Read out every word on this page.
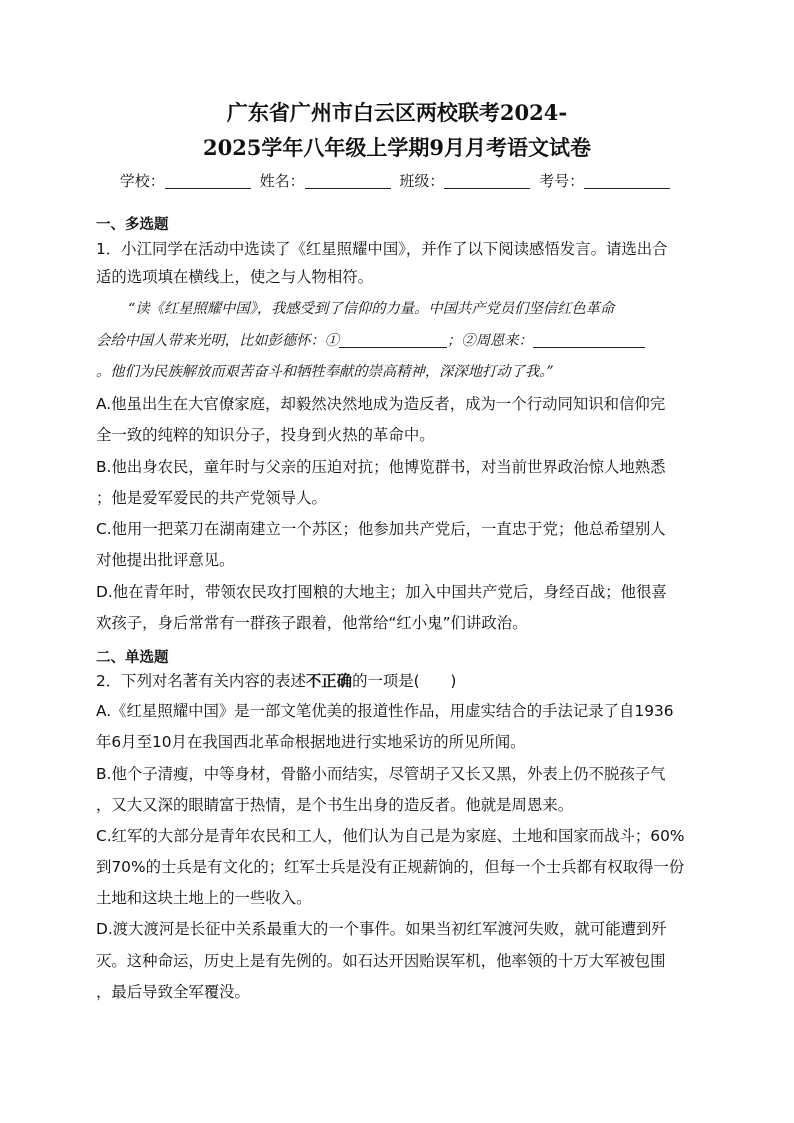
广东省广州市白云区两校联考2024-
2025学年八年级上学期9月月考语文试卷
学校：	姓名：	班级：	考号：
一、多选题
1．小江同学在活动中选读了《红星照耀中国》，并作了以下阅读感悟发言。请选出合
适的选项填在横线上，使之与人物相符。
“读《红星照耀中国》，我感受到了信仰的力量。中国共产党员们坚信红色革命
会给中国人带来光明，比如彭德怀：①	；②周恩来：
。他们为民族解放而艰苦奋斗和牺牲奉献的崇高精神，深深地打动了我。”
A.他虽出生在大官僚家庭，却毅然决然地成为造反者，成为一个行动同知识和信仰完
全一致的纯粹的知识分子，投身到火热的革命中。
B.他出身农民，童年时与父亲的压迫对抗；他博览群书，对当前世界政治惊人地熟悉
；他是爱军爱民的共产党领导人。
C.他用一把菜刀在湖南建立一个苏区；他参加共产党后，一直忠于党；他总希望别人
对他提出批评意见。
D.他在青年时，带领农民攻打囤粮的大地主；加入中国共产党后，身经百战；他很喜
欢孩子，身后常常有一群孩子跟着，他常给“红小鬼”们讲政治。
二、单选题
2．下列对名著有关内容的表述不正确的一项是(　　)
A.《红星照耀中国》是一部文笔优美的报道性作品，用虚实结合的手法记录了自1936
年6月至10月在我国西北革命根据地进行实地采访的所见所闻。
B.他个子清瘦，中等身材，骨骼小而结实，尽管胡子又长又黑，外表上仍不脱孩子气
，又大又深的眼睛富于热情，是个书生出身的造反者。他就是周恩来。
C.红军的大部分是青年农民和工人，他们认为自己是为家庭、土地和国家而战斗；60%
到70%的士兵是有文化的；红军士兵是没有正规薪饷的，但每一个士兵都有权取得一份
土地和这块土地上的一些收入。
D.渡大渡河是长征中关系最重大的一个事件。如果当初红军渡河失败，就可能遭到歼
灭。这种命运，历史上是有先例的。如石达开因贻误军机，他率领的十万大军被包围
，最后导致全军覆没。
